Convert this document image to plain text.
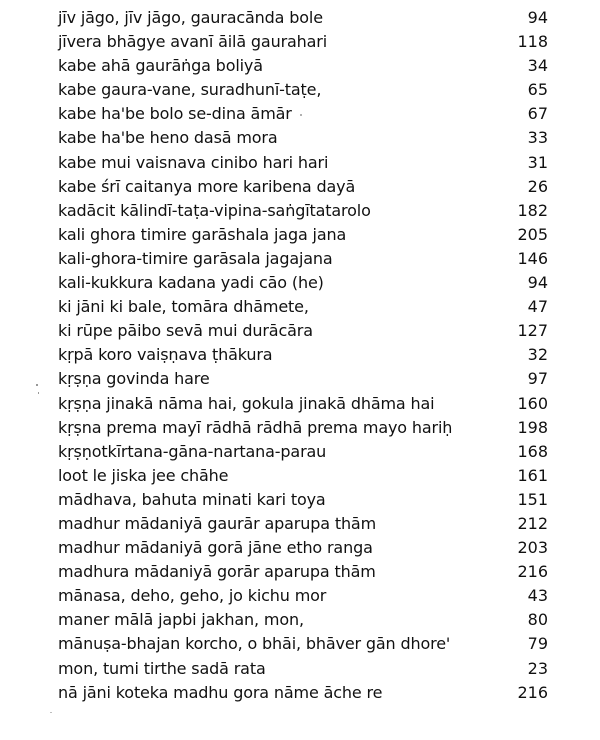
jīv jāgo, jīv jāgo, gauracānda bole	94
jīvera bhāgye avanī āilā gaurahari	118
kabe ahā gaurāṅga boliyā	34
kabe gaura-vane, suradhunī-taṭe,	65
kabe ha'be bolo se-dina āmār	67
kabe ha'be heno dasā mora	33
kabe mui vaisnava cinibo hari hari	31
kabe śrī caitanya more karibena dayā	26
kadācit kālindī-taṭa-vipina-saṅgītatarolo	182
kali ghora timire garāshala jaga jana	205
kali-ghora-timire garāsala jagajana	146
kali-kukkura kadana yadi cāo (he)	94
ki jāni ki bale, tomāra dhāmete,	47
ki rūpe pāibo sevā mui durācāra	127
kṛpā koro vaiṣṇava ṭhākura	32
kṛṣṇa govinda hare	97
kṛṣṇa jinakā nāma hai, gokula jinakā dhāma hai	160
kṛṣna prema mayī rādhā rādhā prema mayo hariḥ	198
kṛṣṇotkīrtana-gāna-nartana-parau	168
loot le jiska jee chāhe	161
mādhava, bahuta minati kari toya	151
madhur mādaniyā gaurār aparupa thām	212
madhur mādaniyā gorā jāne etho ranga	203
madhura mādaniyā gorār aparupa thām	216
mānasa, deho, geho, jo kichu mor	43
maner mālā japbi jakhan, mon,	80
mānuṣa-bhajan korcho, o bhāi, bhāver gān dhore'	79
mon, tumi tirthe sadā rata	23
nā jāni koteka madhu gora nāme āche re	216
